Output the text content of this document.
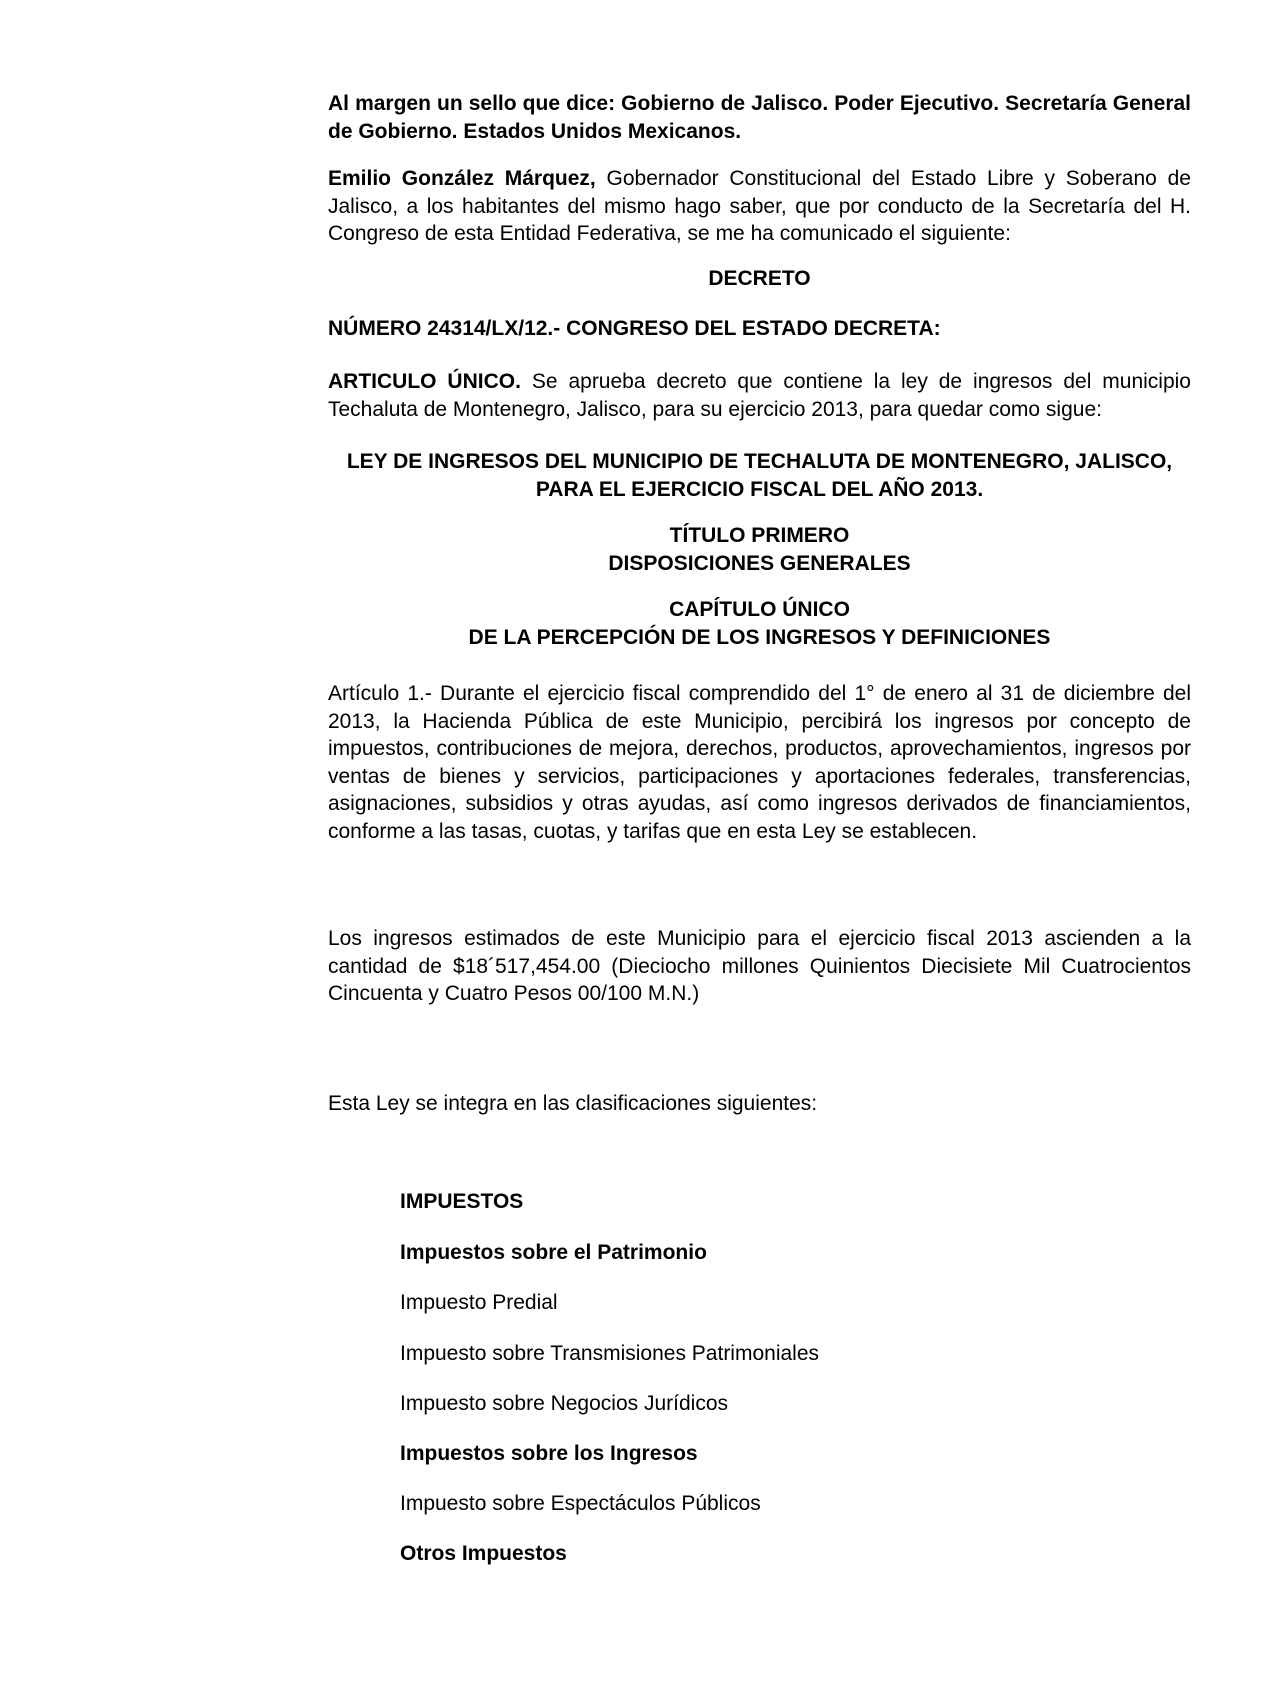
Al margen un sello que dice: Gobierno de Jalisco. Poder Ejecutivo. Secretaría General de Gobierno. Estados Unidos Mexicanos.

Emilio González Márquez, Gobernador Constitucional del Estado Libre y Soberano de Jalisco, a los habitantes del mismo hago saber, que por conducto de la Secretaría del H. Congreso de esta Entidad Federativa, se me ha comunicado el siguiente:

DECRETO

NÚMERO 24314/LX/12.- CONGRESO DEL ESTADO DECRETA:

ARTICULO ÚNICO. Se aprueba decreto que contiene la ley de ingresos del municipio Techaluta de Montenegro, Jalisco, para su ejercicio 2013, para quedar como sigue:

LEY DE INGRESOS DEL MUNICIPIO DE TECHALUTA DE MONTENEGRO, JALISCO,
PARA EL EJERCICIO FISCAL DEL AÑO 2013.

TÍTULO PRIMERO
DISPOSICIONES GENERALES

CAPÍTULO ÚNICO
DE LA PERCEPCIÓN DE LOS INGRESOS Y DEFINICIONES

Artículo 1.- Durante el ejercicio fiscal comprendido del 1° de enero al 31 de diciembre del 2013, la Hacienda Pública de este Municipio, percibirá los ingresos por concepto de impuestos, contribuciones de mejora, derechos, productos, aprovechamientos, ingresos por ventas de bienes y servicios, participaciones y aportaciones federales, transferencias, asignaciones, subsidios y otras ayudas, así como ingresos derivados de financiamientos, conforme a las tasas, cuotas, y tarifas que en esta Ley se establecen.

Los ingresos estimados de este Municipio para el ejercicio fiscal 2013 ascienden a la cantidad de $18´517,454.00 (Dieciocho millones Quinientos Diecisiete Mil Cuatrocientos Cincuenta y Cuatro Pesos 00/100 M.N.)

Esta Ley se integra en las clasificaciones siguientes:

IMPUESTOS

Impuestos sobre el Patrimonio

Impuesto Predial

Impuesto sobre Transmisiones Patrimoniales

Impuesto sobre Negocios Jurídicos

Impuestos sobre los Ingresos

Impuesto sobre Espectáculos Públicos

Otros Impuestos
